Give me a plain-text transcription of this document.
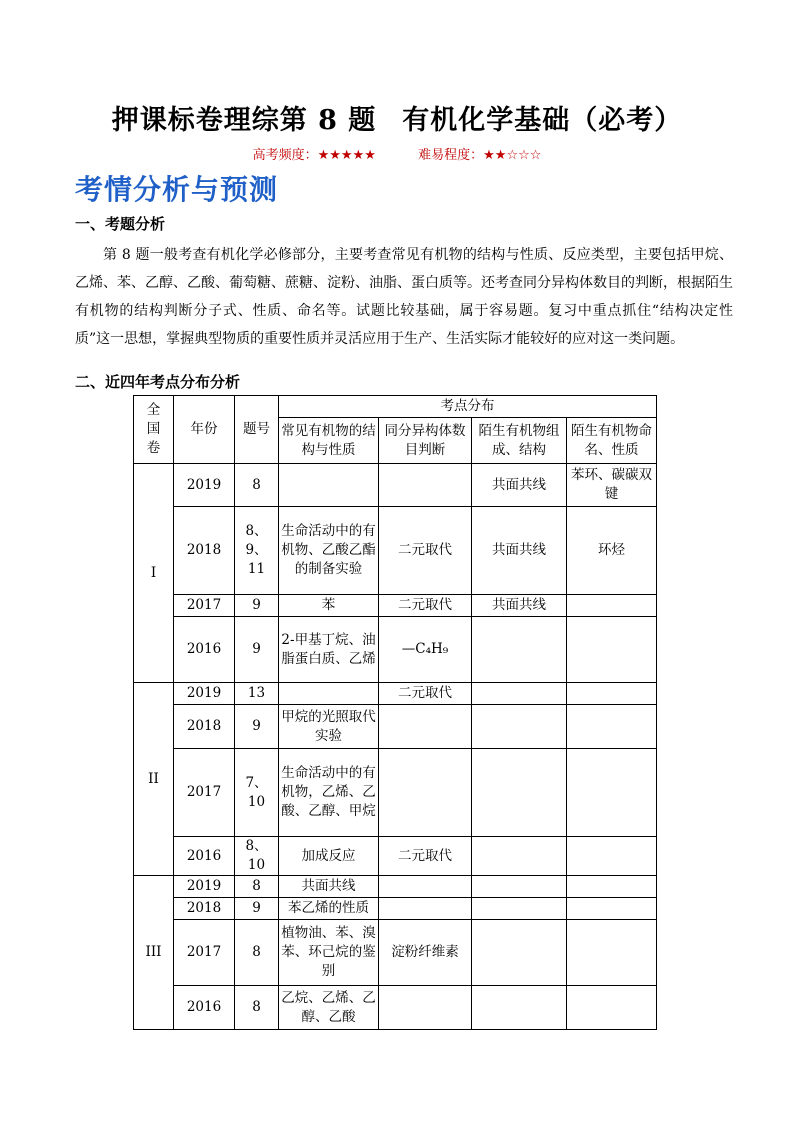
押课标卷理综第 8 题 有机化学基础（必考）
高考频度：★★★★★	难易程度：★★☆☆☆
考情分析与预测
一、考题分析
第 8 题一般考查有机化学必修部分，主要考查常见有机物的结构与性质、反应类型，主要包括甲烷、乙烯、苯、乙醇、乙酸、葡萄糖、蔗糖、淀粉、油脂、蛋白质等。还考查同分异构体数目的判断，根据陌生有机物的结构判断分子式、性质、命名等。试题比较基础，属于容易题。复习中重点抓住“结构决定性质”这一思想，掌握典型物质的重要性质并灵活应用于生产、生活实际才能较好的应对这一类问题。
二、近四年考点分布分析
全国卷	年份	题号	考点分布			
			常见有机物的结构与性质	同分异构体数目判断	陌生有机物组成、结构	陌生有机物命名、性质
I	2019	8			共面共线	苯环、碳碳双键
	2018	8、9、11	生命活动中的有机物、乙酸乙酯的制备实验	二元取代	共面共线	环烃
	2017	9	苯	二元取代	共面共线	
	2016	9	2-甲基丁烷、油脂蛋白质、乙烯	—C₄H₉		
II	2019	13		二元取代		
	2018	9	甲烷的光照取代实验			
	2017	7、10	生命活动中的有机物，乙烯、乙酸、乙醇、甲烷			
	2016	8、10	加成反应	二元取代		
III	2019	8	共面共线			
	2018	9	苯乙烯的性质			
	2017	8	植物油、苯、溴苯、环己烷的鉴别	淀粉纤维素		
	2016	8	乙烷、乙烯、乙醇、乙酸			
